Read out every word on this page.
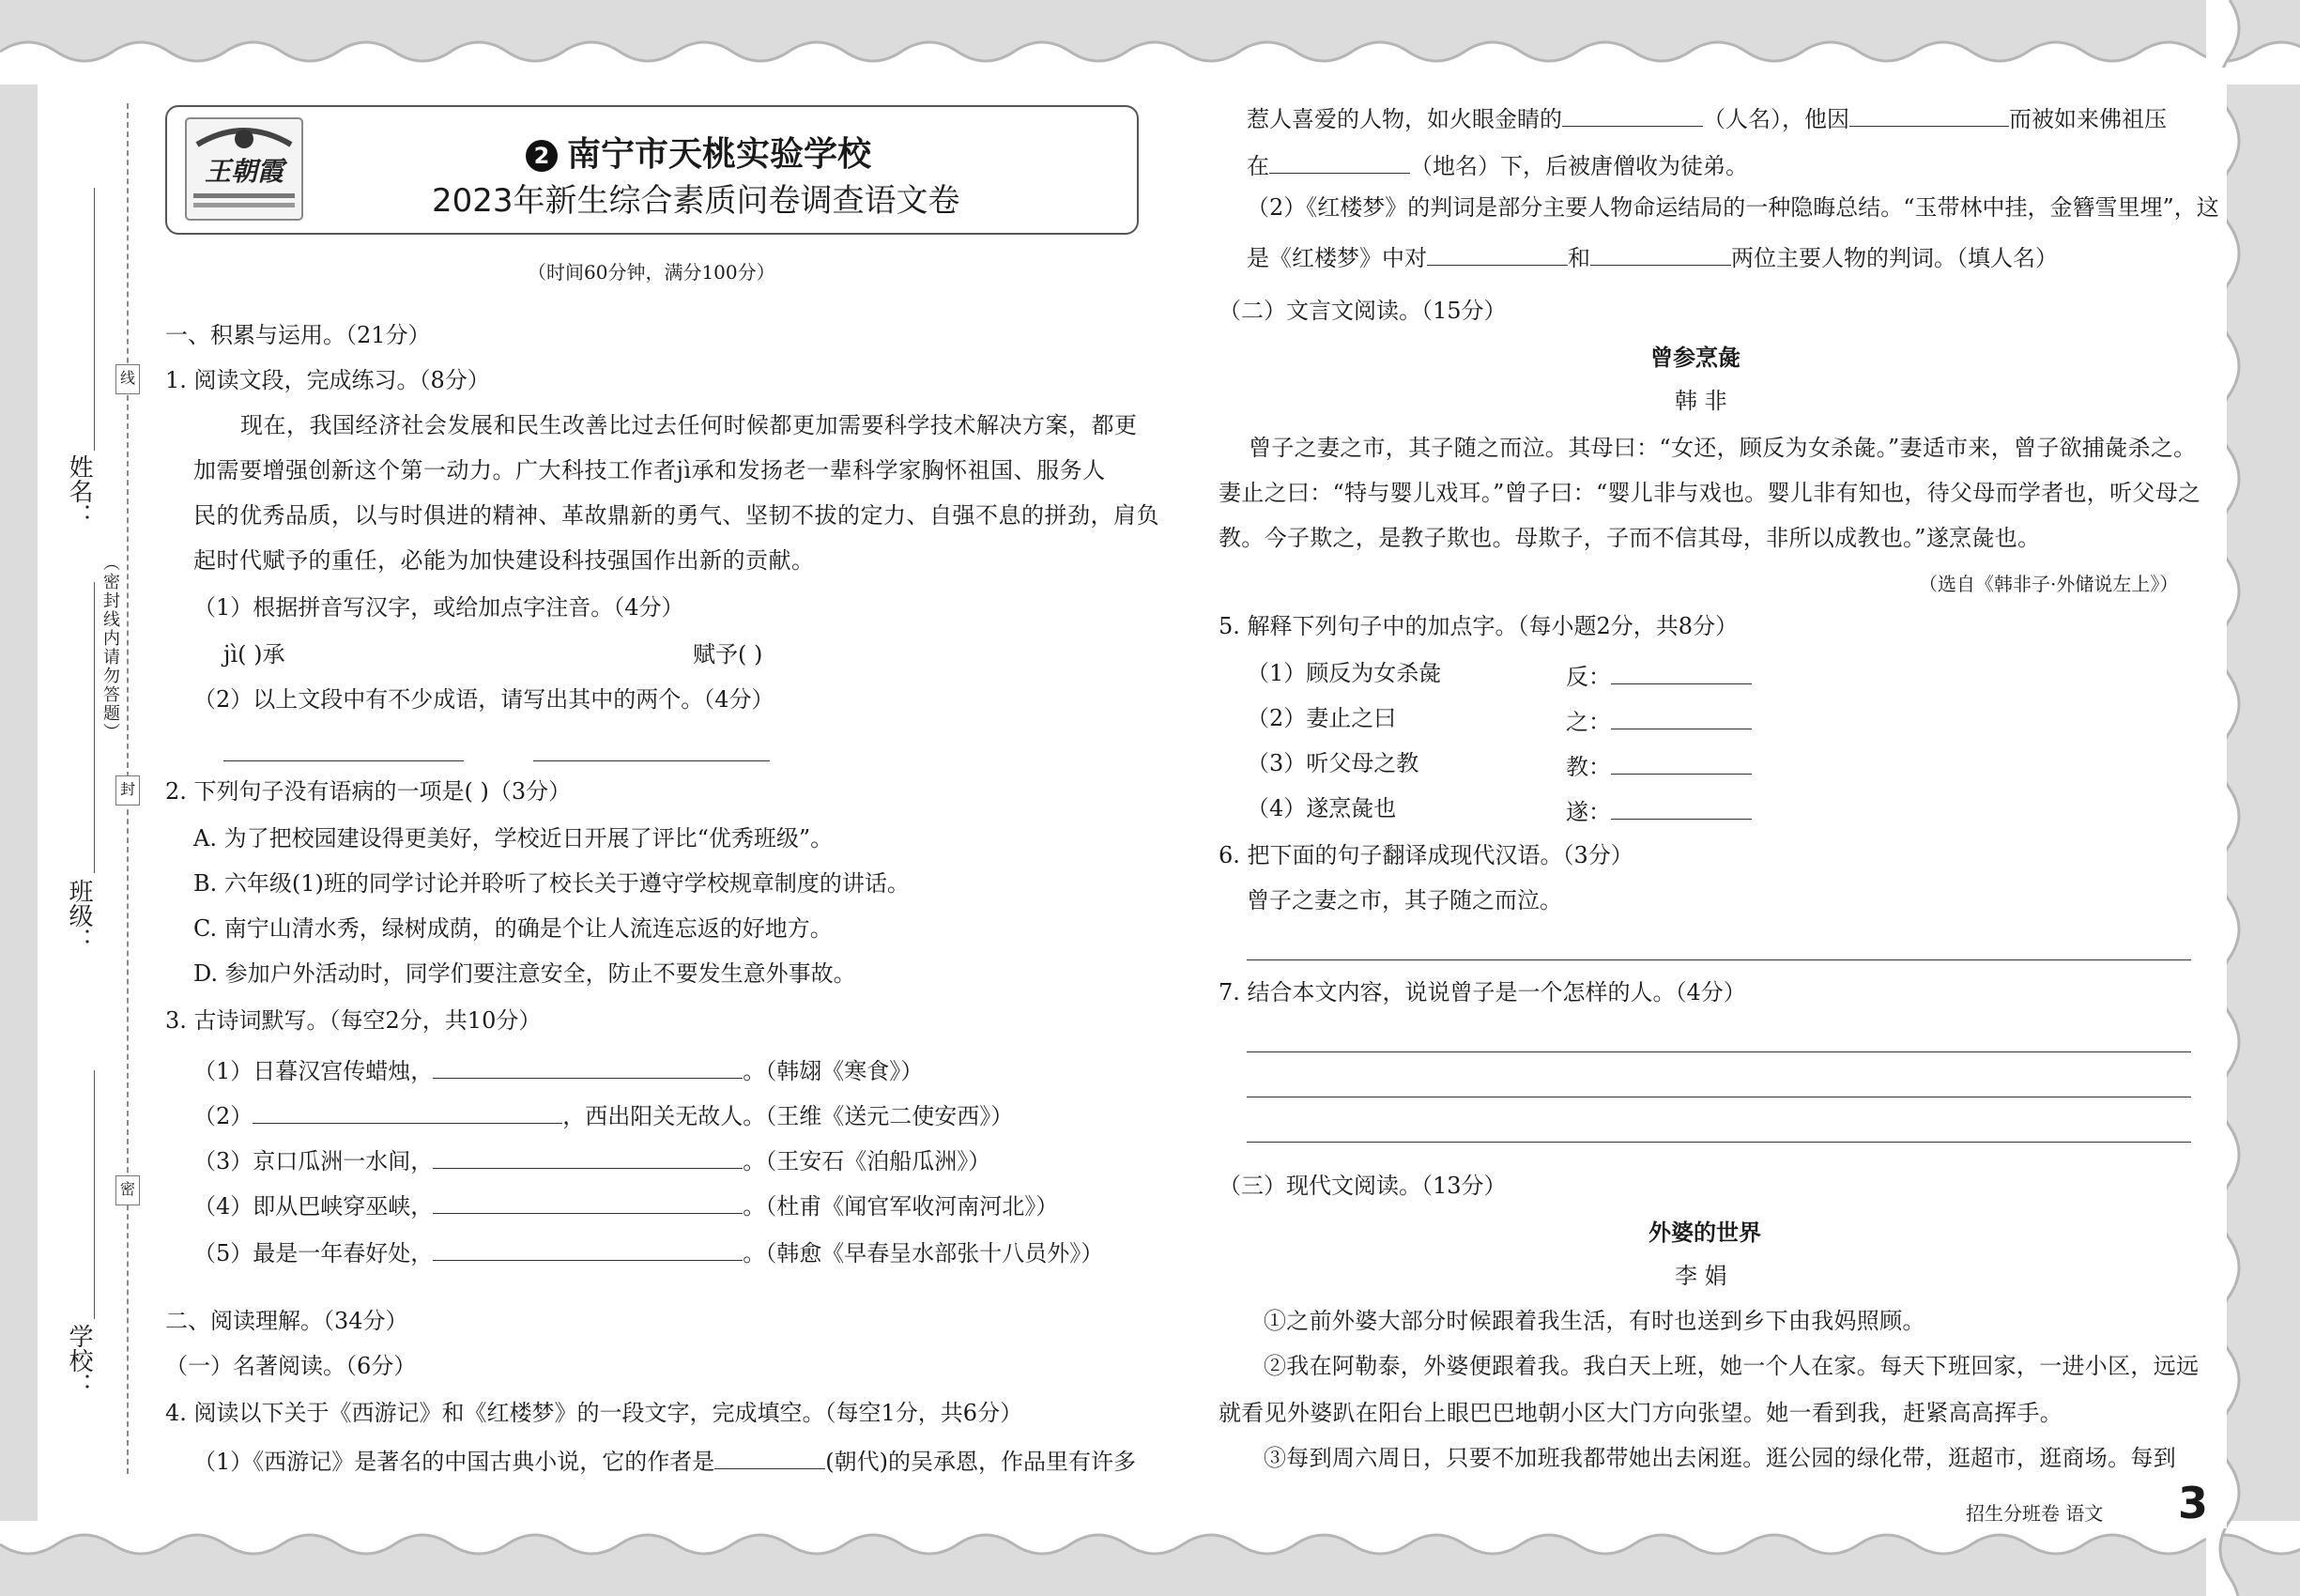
姓名：
班级：
学校：
线
封
密
（密封线内请勿答题）
王朝霞	2 南宁市天桃实验学校
2023年新生综合素质问卷调查语文卷
（时间60分钟，满分100分）
一、积累与运用。（21分）
1. 阅读文段，完成练习。（8分）
现在，我国经济社会发展和民生改善比过去任何时候都更加需要科学技术解决方案，都更
加需要增强创新这个第一动力。广大科技工作者jì承和发扬老一辈科学家胸怀祖国、服务人
民的优秀品质，以与时俱进的精神、革故鼎新的勇气、坚韧不拔的定力、自强不息的拼劲，肩负
起时代赋予的重任，必能为加快建设科技强国作出新的贡献。
（1）根据拼音写汉字，或给加点字注音。（4分）
jì( )承	赋予( )
（2）以上文段中有不少成语，请写出其中的两个。（4分）
2. 下列句子没有语病的一项是( )（3分）
A. 为了把校园建设得更美好，学校近日开展了评比“优秀班级”。
B. 六年级(1)班的同学讨论并聆听了校长关于遵守学校规章制度的讲话。
C. 南宁山清水秀，绿树成荫，的确是个让人流连忘返的好地方。
D. 参加户外活动时，同学们要注意安全，防止不要发生意外事故。
3. 古诗词默写。（每空2分，共10分）
（1）日暮汉宫传蜡烛，	。（韩翃《寒食》）
（2）	，西出阳关无故人。（王维《送元二使安西》）
（3）京口瓜洲一水间，	。（王安石《泊船瓜洲》）
（4）即从巴峡穿巫峡，	。（杜甫《闻官军收河南河北》）
（5）最是一年春好处，	。（韩愈《早春呈水部张十八员外》）
二、阅读理解。（34分）
（一）名著阅读。（6分）
4. 阅读以下关于《西游记》和《红楼梦》的一段文字，完成填空。（每空1分，共6分）
（1）《西游记》是著名的中国古典小说，它的作者是	(朝代)的吴承恩，作品里有许多
惹人喜爱的人物，如火眼金睛的	（人名），他因	而被如来佛祖压
在	（地名）下，后被唐僧收为徒弟。
（2）《红楼梦》的判词是部分主要人物命运结局的一种隐晦总结。“玉带林中挂，金簪雪里埋”，这
是《红楼梦》中对	和	两位主要人物的判词。（填人名）
（二）文言文阅读。（15分）
曾参烹彘
韩 非
曾子之妻之市，其子随之而泣。其母曰：“女还，顾反为女杀彘。”妻适市来，曾子欲捕彘杀之。
妻止之曰：“特与婴儿戏耳。”曾子曰：“婴儿非与戏也。婴儿非有知也，待父母而学者也，听父母之
教。今子欺之，是教子欺也。母欺子，子而不信其母，非所以成教也。”遂烹彘也。
（选自《韩非子·外储说左上》）
5. 解释下列句子中的加点字。（每小题2分，共8分）
（1）顾反为女杀彘	反：
（2）妻止之曰	之：
（3）听父母之教	教：
（4）遂烹彘也	遂：
6. 把下面的句子翻译成现代汉语。（3分）
曾子之妻之市，其子随之而泣。
7. 结合本文内容，说说曾子是一个怎样的人。（4分）
（三）现代文阅读。（13分）
外婆的世界
李 娟
①之前外婆大部分时候跟着我生活，有时也送到乡下由我妈照顾。
②我在阿勒泰，外婆便跟着我。我白天上班，她一个人在家。每天下班回家，一进小区，远远
就看见外婆趴在阳台上眼巴巴地朝小区大门方向张望。她一看到我，赶紧高高挥手。
③每到周六周日，只要不加班我都带她出去闲逛。逛公园的绿化带，逛超市，逛商场。每到
招生分班卷 语文 3
